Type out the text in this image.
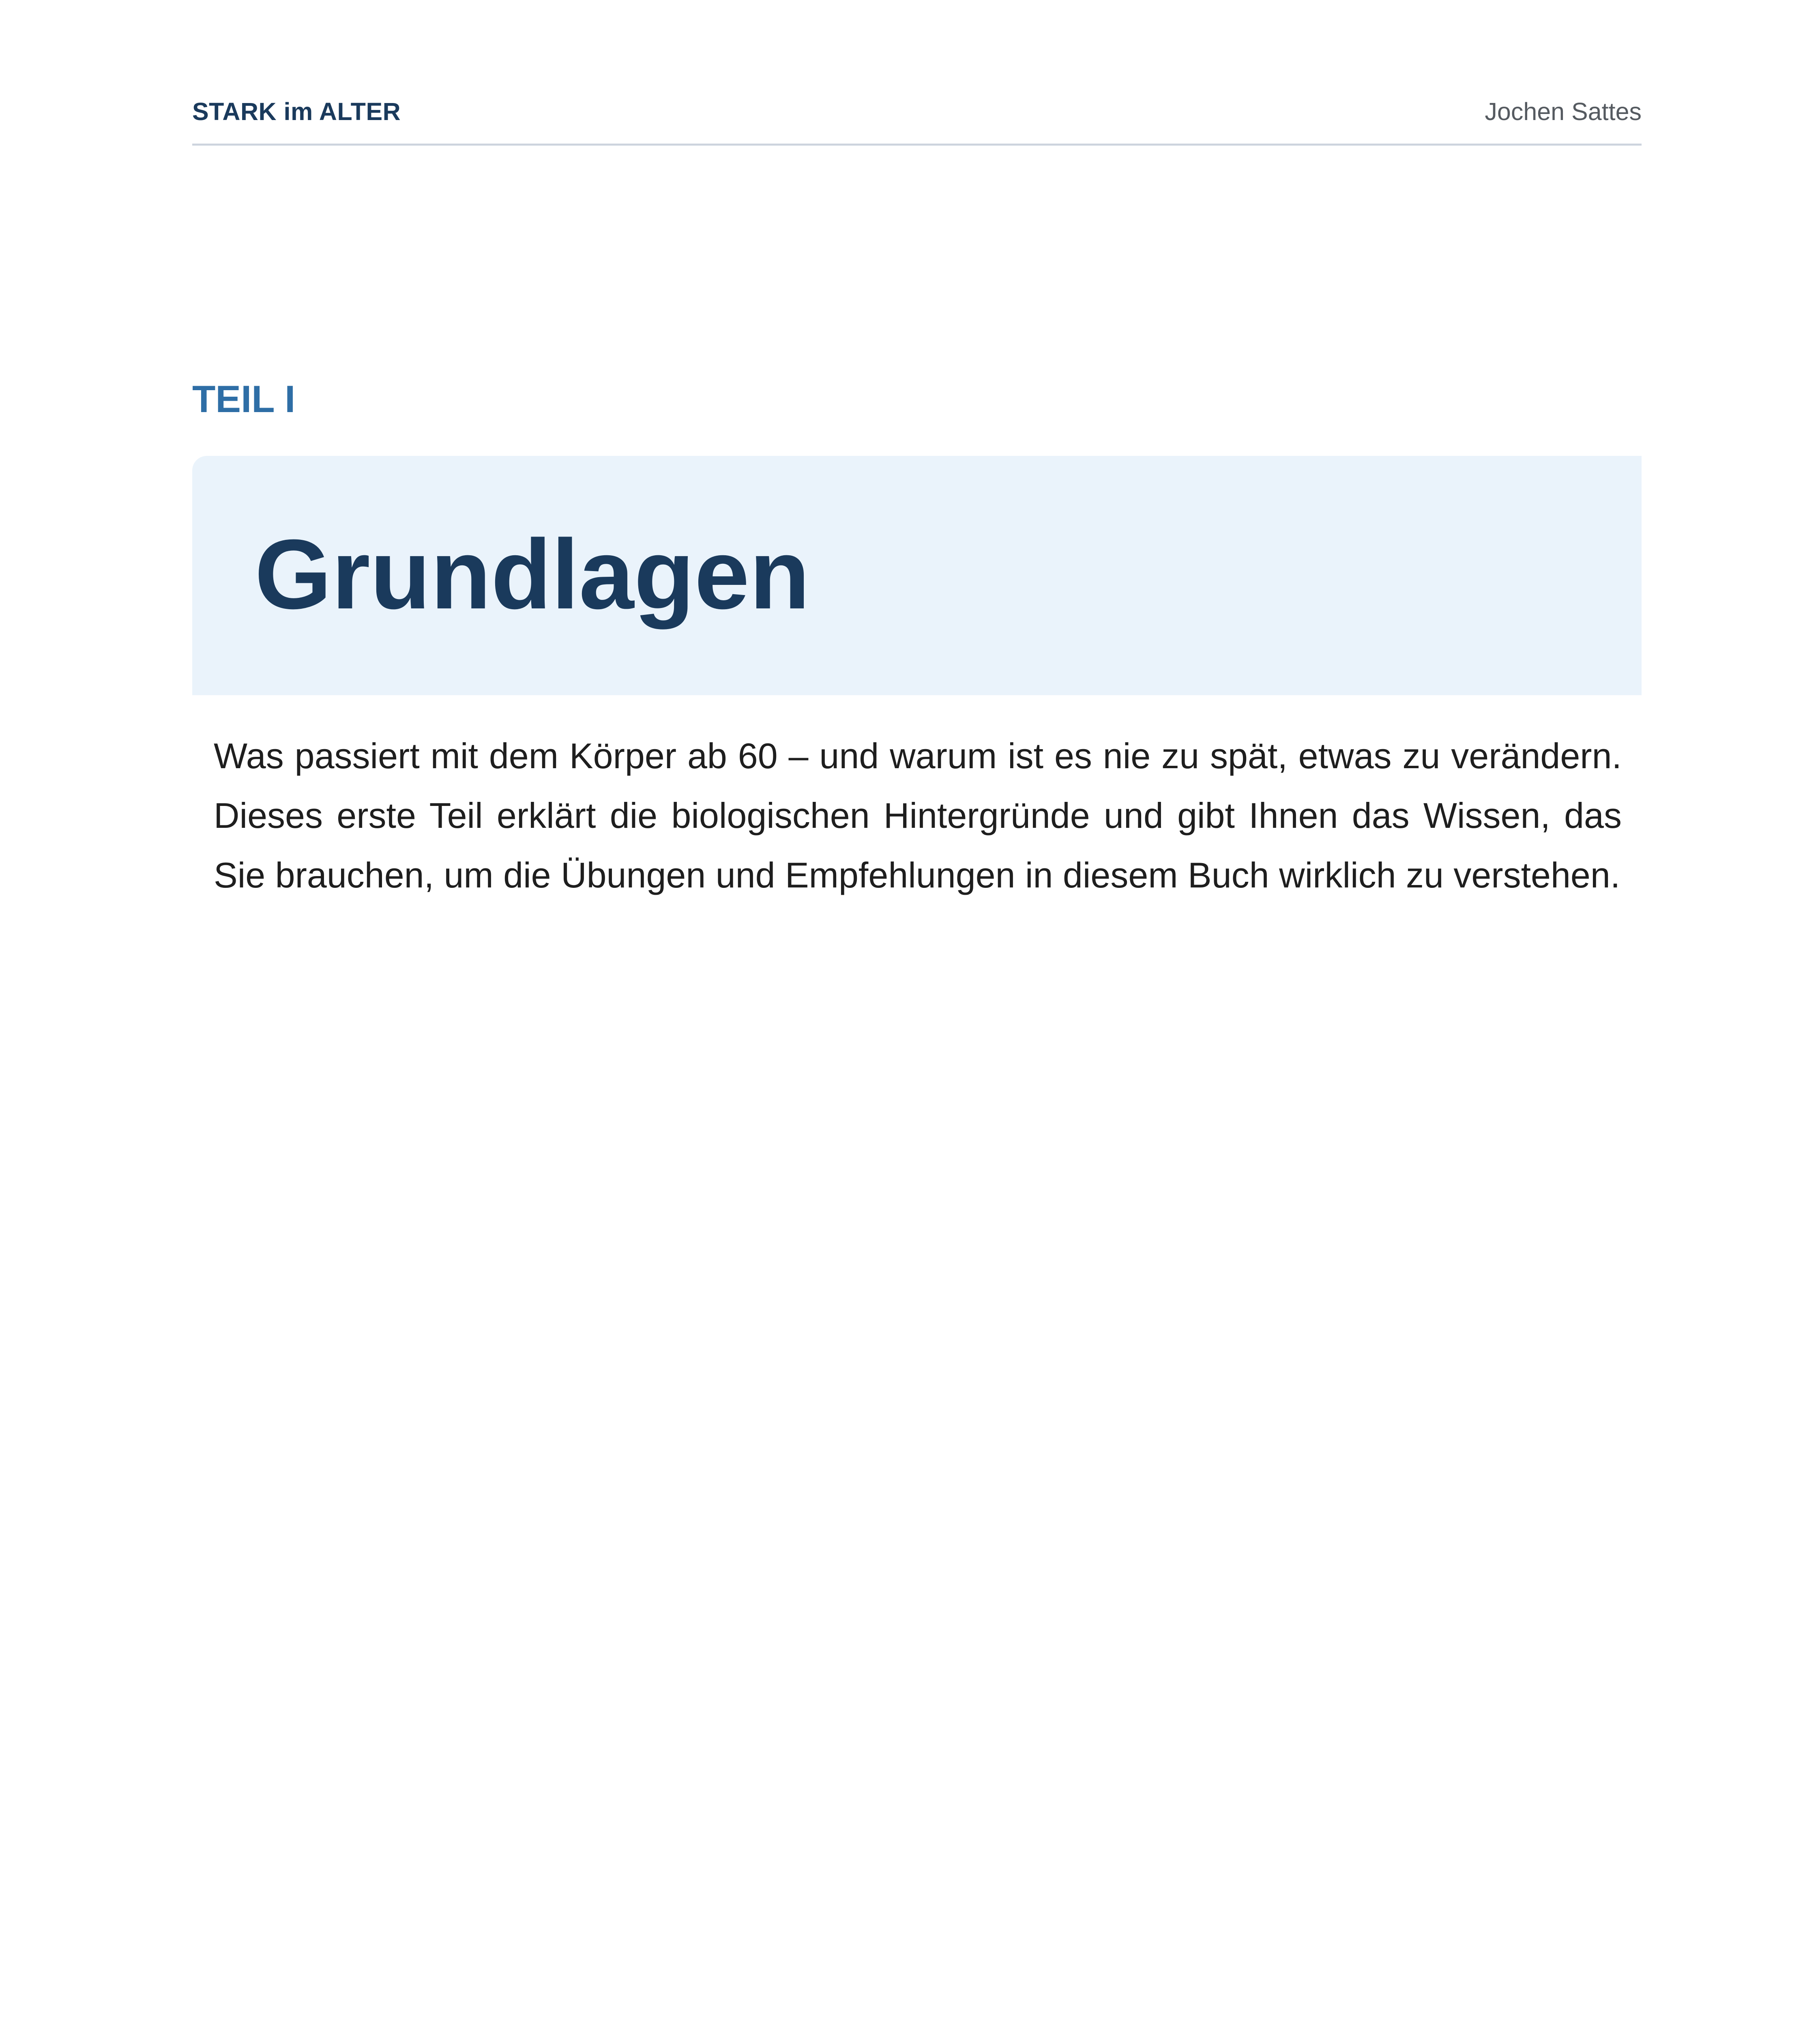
STARK im ALTER	Jochen Sattes
TEIL I
Grundlagen

Was passiert mit dem Körper ab 60 – und warum ist es nie zu spät, etwas zu verändern. Dieses erste Teil erklärt die biologischen Hintergründe und gibt Ihnen das Wissen, das Sie brauchen, um die Übungen und Empfehlungen in diesem Buch wirklich zu verstehen.
